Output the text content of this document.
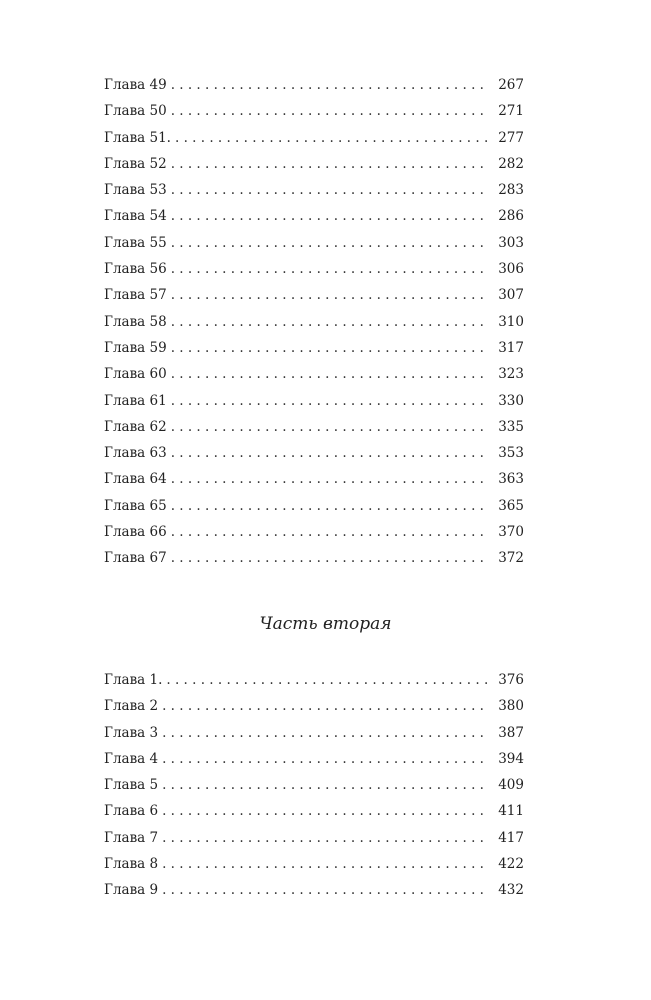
Глава 49 . . .	267
Глава 50 . . .	271
Глава 51. . . .	277
Глава 52 . . .	282
Глава 53 . . .	283
Глава 54 . . .	286
Глава 55 . . .	303
Глава 56 . . .	306
Глава 57 . . .	307
Глава 58 . . .	310
Глава 59 . . .	317
Глава 60 . . .	323
Глава 61 . . .	330
Глава 62 . . .	335
Глава 63 . . .	353
Глава 64 . . .	363
Глава 65 . . .	365
Глава 66 . . .	370
Глава 67 . . .	372
Часть вторая
Глава 1. . . .	376
Глава 2 . . .	380
Глава 3 . . .	387
Глава 4 . . .	394
Глава 5 . . .	409
Глава 6 . . .	411
Глава 7 . . .	417
Глава 8 . . .	422
Глава 9 . . .	432
